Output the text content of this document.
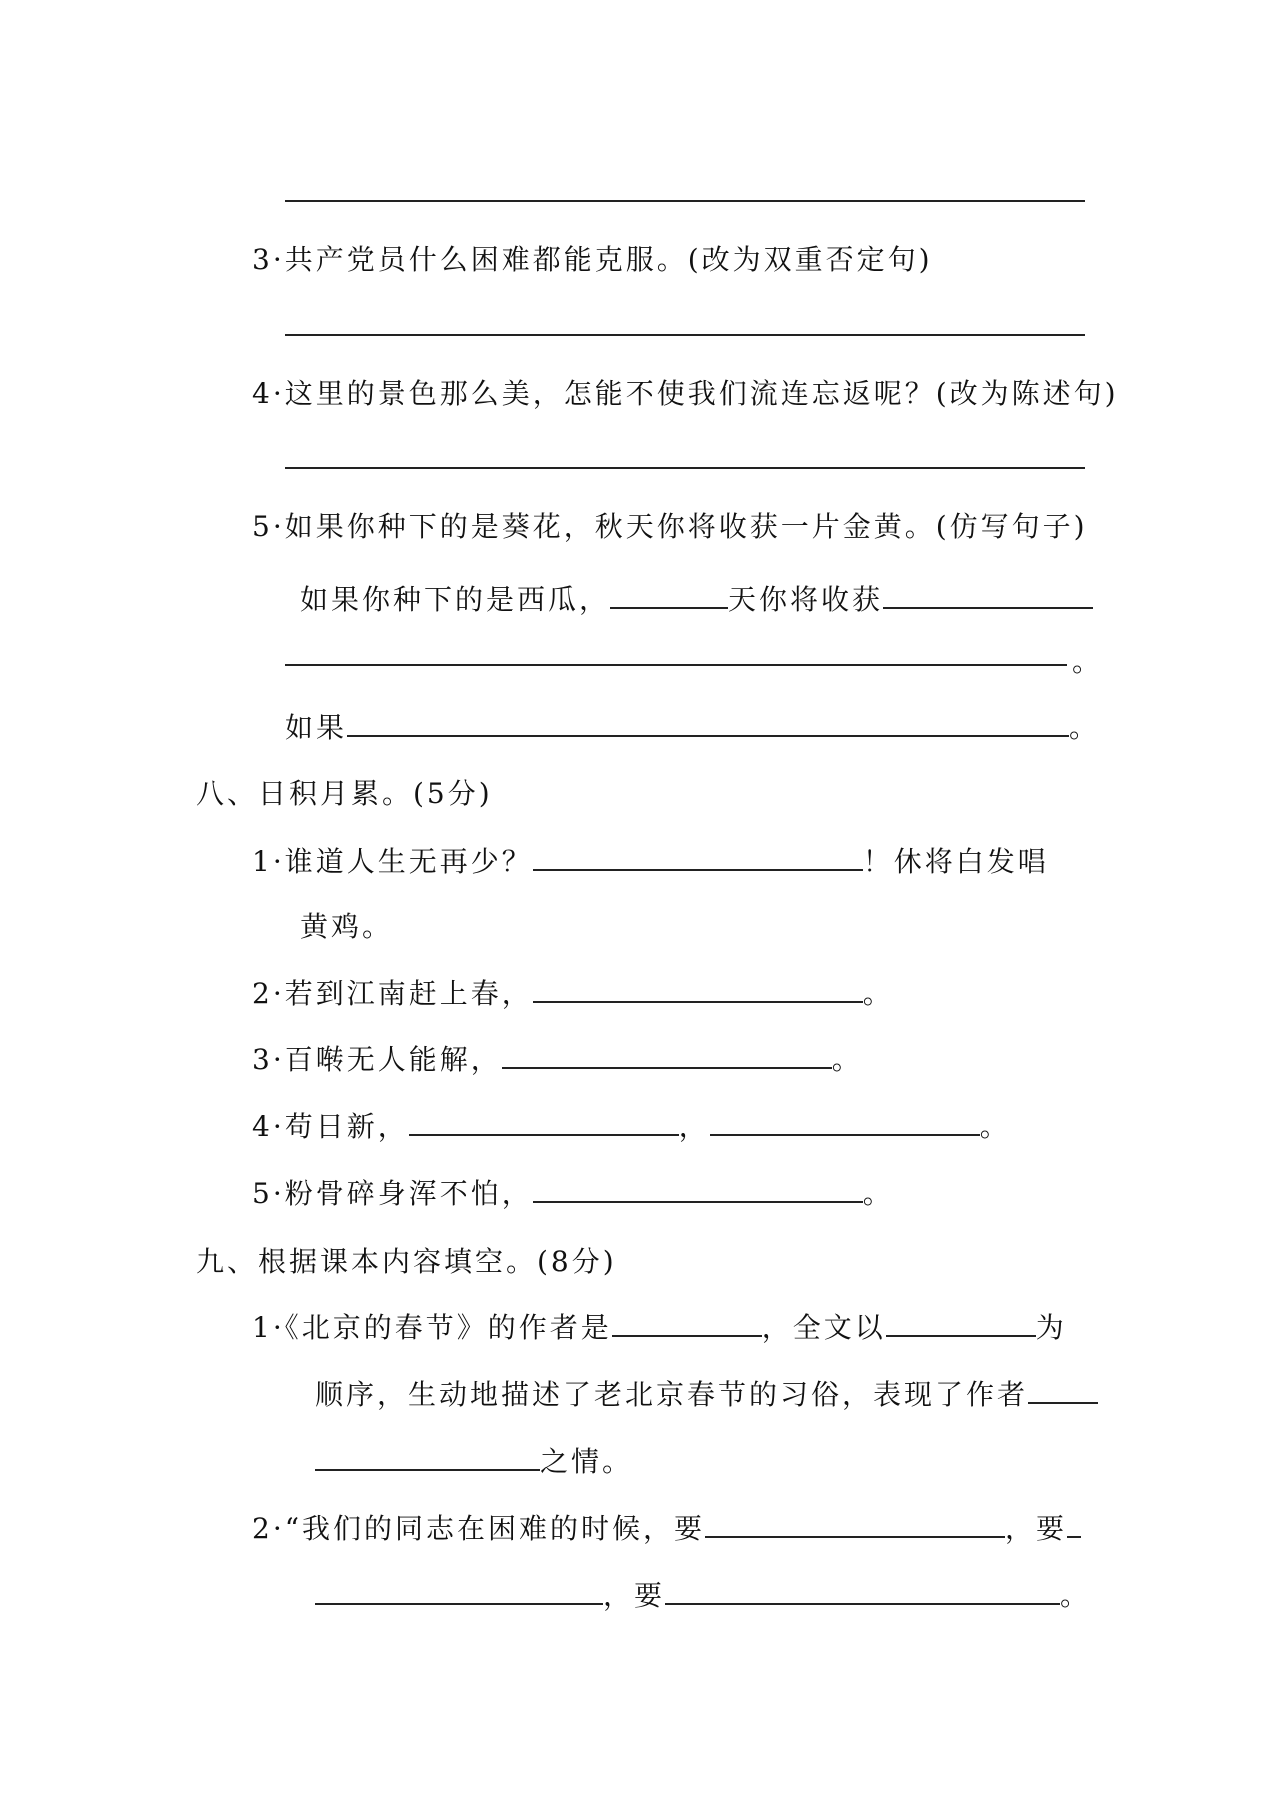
3·共产党员什么困难都能克服。(改为双重否定句)
4·这里的景色那么美，怎能不使我们流连忘返呢？(改为陈述句)
5·如果你种下的是葵花，秋天你将收获一片金黄。(仿写句子)
如果你种下的是西瓜，	天你将收获
。
如果	。
八、日积月累。(5分)
1·谁道人生无再少？	！休将白发唱
黄鸡。
2·若到江南赶上春，	。
3·百啭无人能解，	。
4·苟日新，	，	。
5·粉骨碎身浑不怕，	。
九、根据课本内容填空。(8分)
1·《北京的春节》的作者是	，全文以	为
顺序，生动地描述了老北京春节的习俗，表现了作者
之情。
2·“我们的同志在困难的时候，要	，要
，要	。
